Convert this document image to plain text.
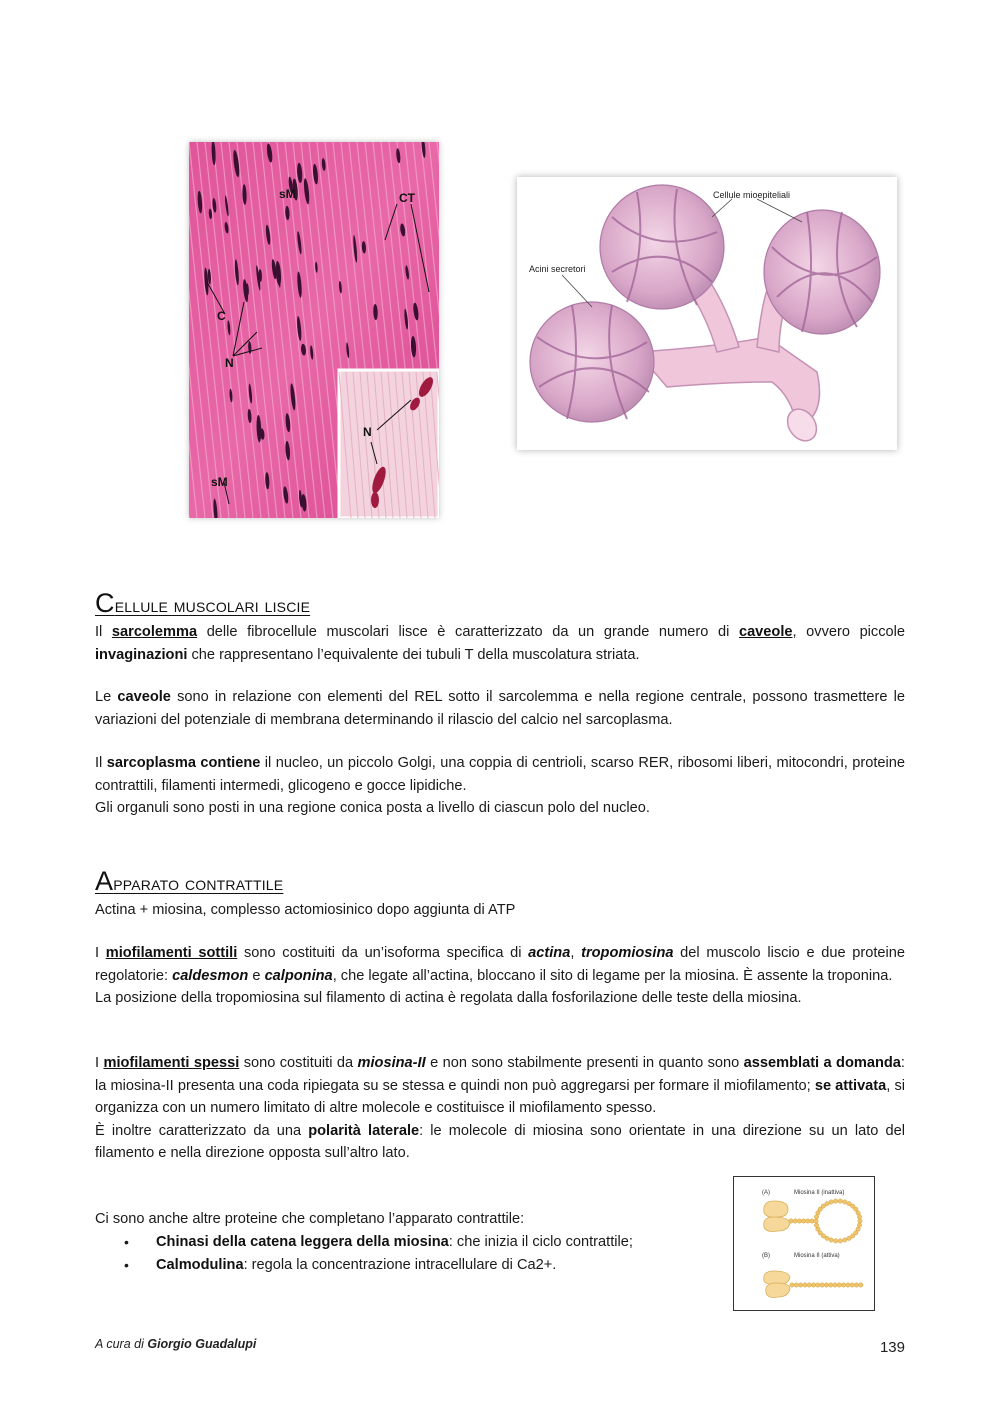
sM	CT
C
N
sM
N
Cellule mioepiteliali
Acini secretori
Cellule muscolari liscie

Il sarcolemma delle fibrocellule muscolari lisce è caratterizzato da un grande numero di caveole, ovvero piccole invaginazioni che rappresentano l’equivalente dei tubuli T della muscolatura striata.

Le caveole sono in relazione con elementi del REL sotto il sarcolemma e nella regione centrale, possono trasmettere le variazioni del potenziale di membrana determinando il rilascio del calcio nel sarcoplasma.

Il sarcoplasma contiene il nucleo, un piccolo Golgi, una coppia di centrioli, scarso RER, ribosomi liberi, mitocondri, proteine contrattili, filamenti intermedi, glicogeno e gocce lipidiche.
Gli organuli sono posti in una regione conica posta a livello di ciascun polo del nucleo.

Apparato contrattile

Actina + miosina, complesso actomiosinico dopo aggiunta di ATP

I miofilamenti sottili sono costituiti da un’isoforma specifica di actina, tropomiosina del muscolo liscio e due proteine regolatorie: caldesmon e calponina, che legate all’actina, bloccano il sito di legame per la miosina. È assente la troponina.
La posizione della tropomiosina sul filamento di actina è regolata dalla fosforilazione delle teste della miosina.

I miofilamenti spessi sono costituiti da miosina-II e non sono stabilmente presenti in quanto sono assemblati a domanda: la miosina-II presenta una coda ripiegata su se stessa e quindi non può aggregarsi per formare il miofilamento; se attivata, si organizza con un numero limitato di altre molecole e costituisce il miofilamento spesso.
È inoltre caratterizzato da una polarità laterale: le molecole di miosina sono orientate in una direzione su un lato del filamento e nella direzione opposta sull’altro lato.

Ci sono anche altre proteine che completano l’apparato contrattile:

• Chinasi della catena leggera della miosina: che inizia il ciclo contrattile;
• Calmodulina: regola la concentrazione intracellulare di Ca2+.
(A)	Miosina II (inattiva)
(B)	Miosina II (attiva)
A cura di Giorgio Guadalupi	139
